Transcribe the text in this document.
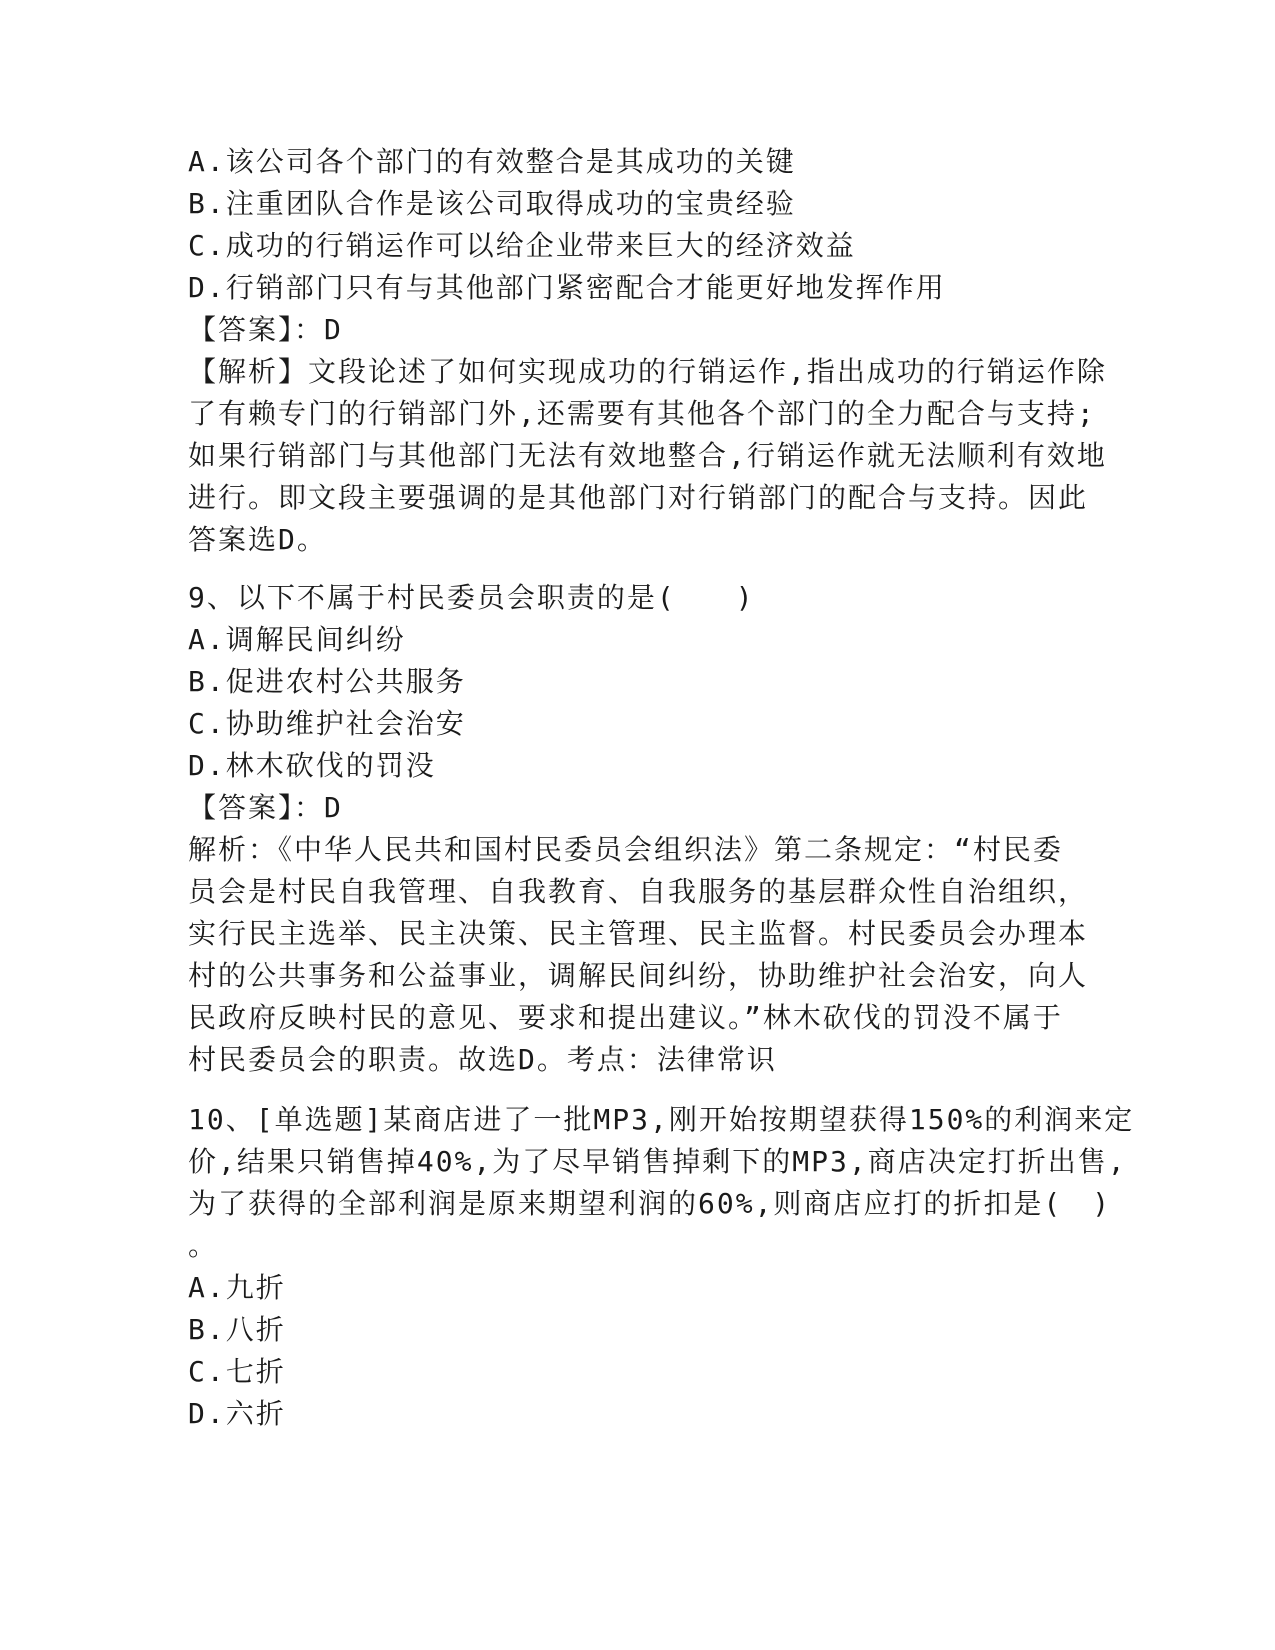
A.该公司各个部门的有效整合是其成功的关键
B.注重团队合作是该公司取得成功的宝贵经验
C.成功的行销运作可以给企业带来巨大的经济效益
D.行销部门只有与其他部门紧密配合才能更好地发挥作用
【答案】：D
【解析】文段论述了如何实现成功的行销运作,指出成功的行销运作除
了有赖专门的行销部门外,还需要有其他各个部门的全力配合与支持;
如果行销部门与其他部门无法有效地整合,行销运作就无法顺利有效地
进行。即文段主要强调的是其他部门对行销部门的配合与支持。因此
答案选D。
9、以下不属于村民委员会职责的是(　　)
A.调解民间纠纷
B.促进农村公共服务
C.协助维护社会治安
D.林木砍伐的罚没
【答案】：D
解析：《中华人民共和国村民委员会组织法》第二条规定：“村民委
员会是村民自我管理、自我教育、自我服务的基层群众性自治组织，
实行民主选举、民主决策、民主管理、民主监督。村民委员会办理本
村的公共事务和公益事业，调解民间纠纷，协助维护社会治安，向人
民政府反映村民的意见、要求和提出建议。”林木砍伐的罚没不属于
村民委员会的职责。故选D。考点：法律常识
10、[单选题]某商店进了一批MP3,刚开始按期望获得150%的利润来定
价,结果只销售掉40%,为了尽早销售掉剩下的MP3,商店决定打折出售,
为了获得的全部利润是原来期望利润的60%,则商店应打的折扣是(　)
。
A.九折
B.八折
C.七折
D.六折
